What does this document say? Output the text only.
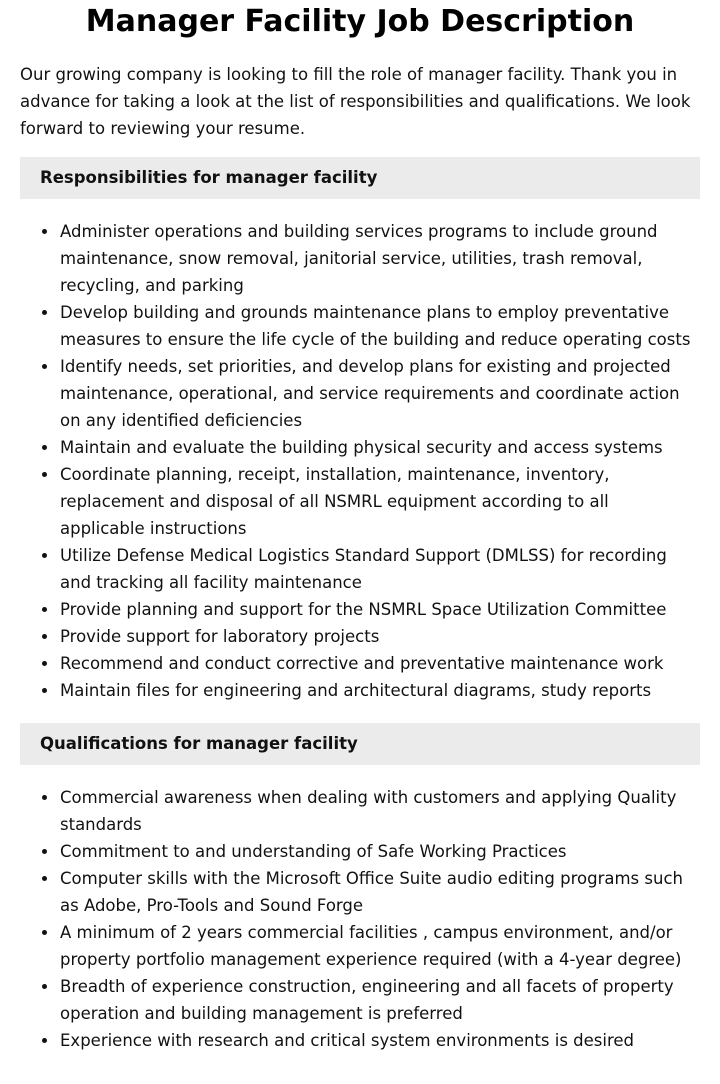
Manager Facility Job Description

Our growing company is looking to fill the role of manager facility. Thank you in advance for taking a look at the list of responsibilities and qualifications. We look forward to reviewing your resume.

Responsibilities for manager facility
Administer operations and building services programs to include ground maintenance, snow removal, janitorial service, utilities, trash removal, recycling, and parking
Develop building and grounds maintenance plans to employ preventative measures to ensure the life cycle of the building and reduce operating costs
Identify needs, set priorities, and develop plans for existing and projected maintenance, operational, and service requirements and coordinate action on any identified deficiencies
Maintain and evaluate the building physical security and access systems
Coordinate planning, receipt, installation, maintenance, inventory, replacement and disposal of all NSMRL equipment according to all applicable instructions
Utilize Defense Medical Logistics Standard Support (DMLSS) for recording and tracking all facility maintenance
Provide planning and support for the NSMRL Space Utilization Committee
Provide support for laboratory projects
Recommend and conduct corrective and preventative maintenance work
Maintain files for engineering and architectural diagrams, study reports
Qualifications for manager facility
Commercial awareness when dealing with customers and applying Quality standards
Commitment to and understanding of Safe Working Practices
Computer skills with the Microsoft Office Suite audio editing programs such as Adobe, Pro-Tools and Sound Forge
A minimum of 2 years commercial facilities , campus environment, and/or property portfolio management experience required (with a 4-year degree)
Breadth of experience construction, engineering and all facets of property operation and building management is preferred
Experience with research and critical system environments is desired
